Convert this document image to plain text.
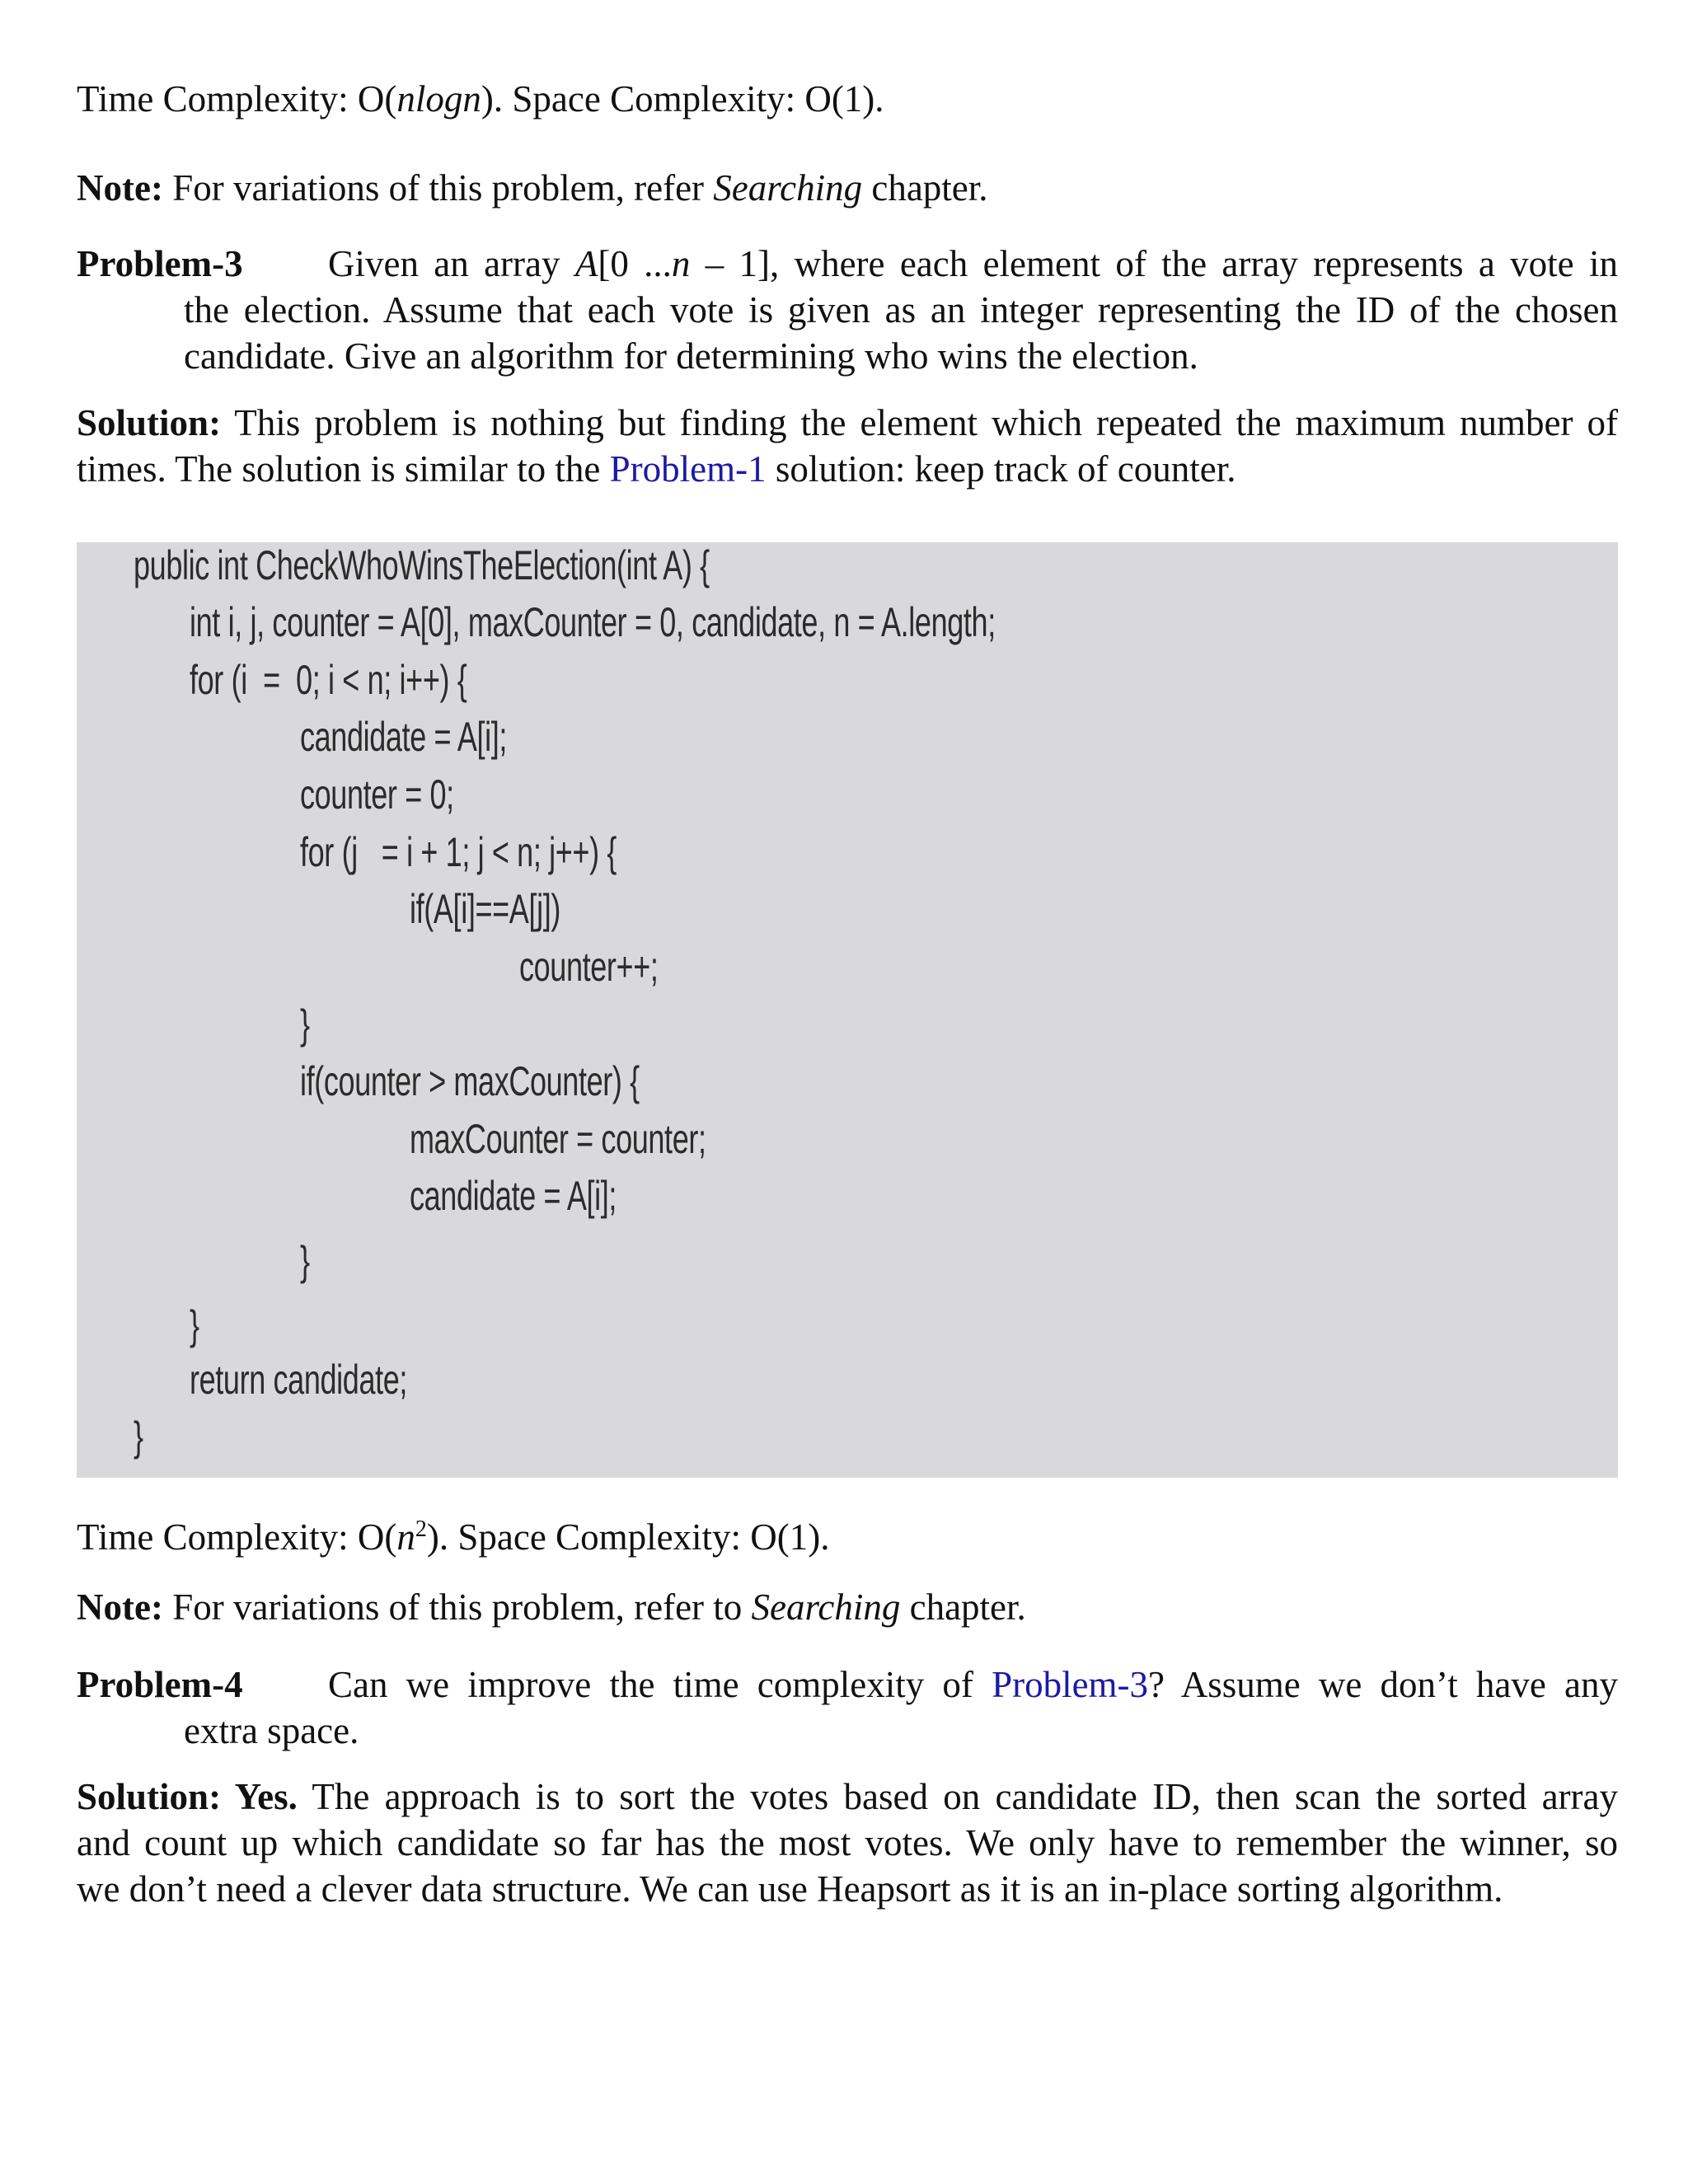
Time Complexity: O(nlogn). Space Complexity: O(1).
Note: For variations of this problem, refer Searching chapter.
Problem-3 Given an array A[0 ...n – 1], where each element of the array represents a vote in
the election. Assume that each vote is given as an integer representing the ID of the chosen
candidate. Give an algorithm for determining who wins the election.
Solution: This problem is nothing but finding the element which repeated the maximum number of
times. The solution is similar to the Problem-1 solution: keep track of counter.
public int CheckWhoWinsTheElection(int A) {
int i, j, counter = A[0], maxCounter = 0, candidate, n = A.length;
for (i  =  0; i < n; i++) {
candidate = A[i];
counter = 0;
for (j   = i + 1; j < n; j++) {
if(A[i]==A[j])
counter++;
}
if(counter > maxCounter) {
maxCounter = counter;
candidate = A[i];
}
}
return candidate;
}
Time Complexity: $O(n^2)$. Space Complexity: O(1).
Note: For variations of this problem, refer to Searching chapter.
Problem-4 Can we improve the time complexity of Problem-3? Assume we don’t have any
extra space.
Solution: Yes. The approach is to sort the votes based on candidate ID, then scan the sorted array
and count up which candidate so far has the most votes. We only have to remember the winner, so
we don’t need a clever data structure. We can use Heapsort as it is an in-place sorting algorithm.
